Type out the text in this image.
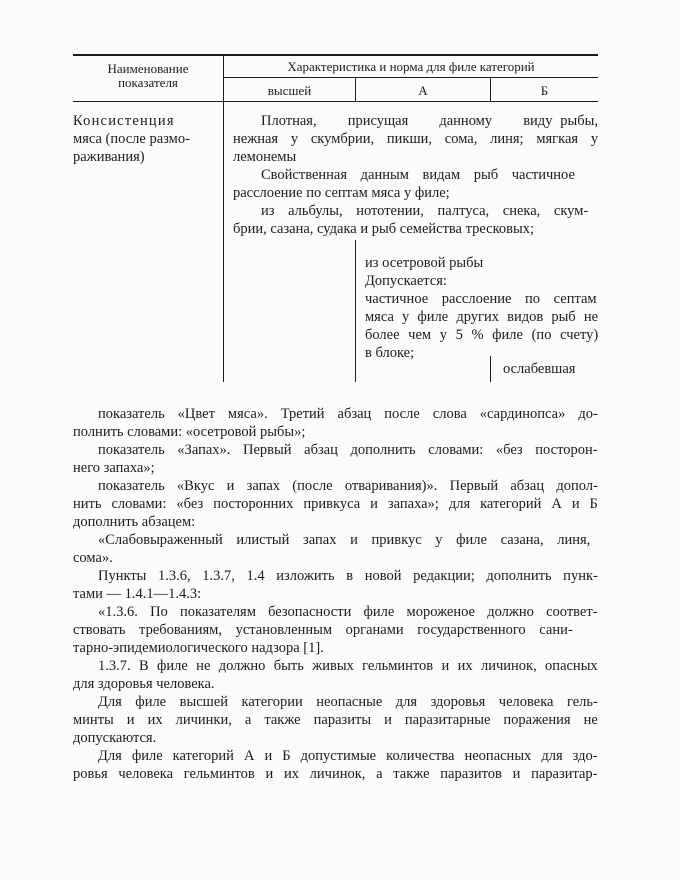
Наименование
показателя
Характеристика и норма для филе категорий
высшей	А	Б
Консистенция
мяса (после размо-
раживания)
Плотная,    присущая    данному    виду рыбы,
нежная у скумбрии, пикши, сома, линя; мягкая у
лемонемы
Свойственная данным видам рыб частичное
расслоение по септам мяса у филе;
из альбулы, нототении, палтуса, снека, скум-
брии, сазана, судака и рыб семейства тресковых;
из осетровой рыбы
Допускается:
частичное расслоение по септам
мяса у филе других видов рыб не
более чем у 5 % филе (по счету)
в блоке;
ослабевшая
показатель «Цвет мяса». Третий абзац после слова «сардинопса» до-
полнить словами: «осетровой рыбы»;
показатель «Запах». Первый абзац дополнить словами: «без посторон-
него запаха»;
показатель «Вкус и запах (после отваривания)». Первый абзац допол-
нить словами: «без посторонних привкуса и запаха»; для категорий А и Б
дополнить абзацем:
«Слабовыраженный илистый запах и привкус у филе сазана, линя,
сома».
Пункты 1.3.6, 1.3.7, 1.4 изложить в новой редакции; дополнить пунк-
тами — 1.4.1—1.4.3:
«1.3.6. По показателям безопасности филе мороженое должно соответ-
ствовать требованиям, установленным органами государственного сани-
тарно-эпидемиологического надзора [1].
1.3.7. В филе не должно быть живых гельминтов и их личинок, опасных
для здоровья человека.
Для филе высшей категории неопасные для здоровья человека гель-
минты и их личинки, а также паразиты и паразитарные поражения не
допускаются.
Для филе категорий А и Б допустимые количества неопасных для здо-
ровья человека гельминтов и их личинок, а также паразитов и паразитар-
